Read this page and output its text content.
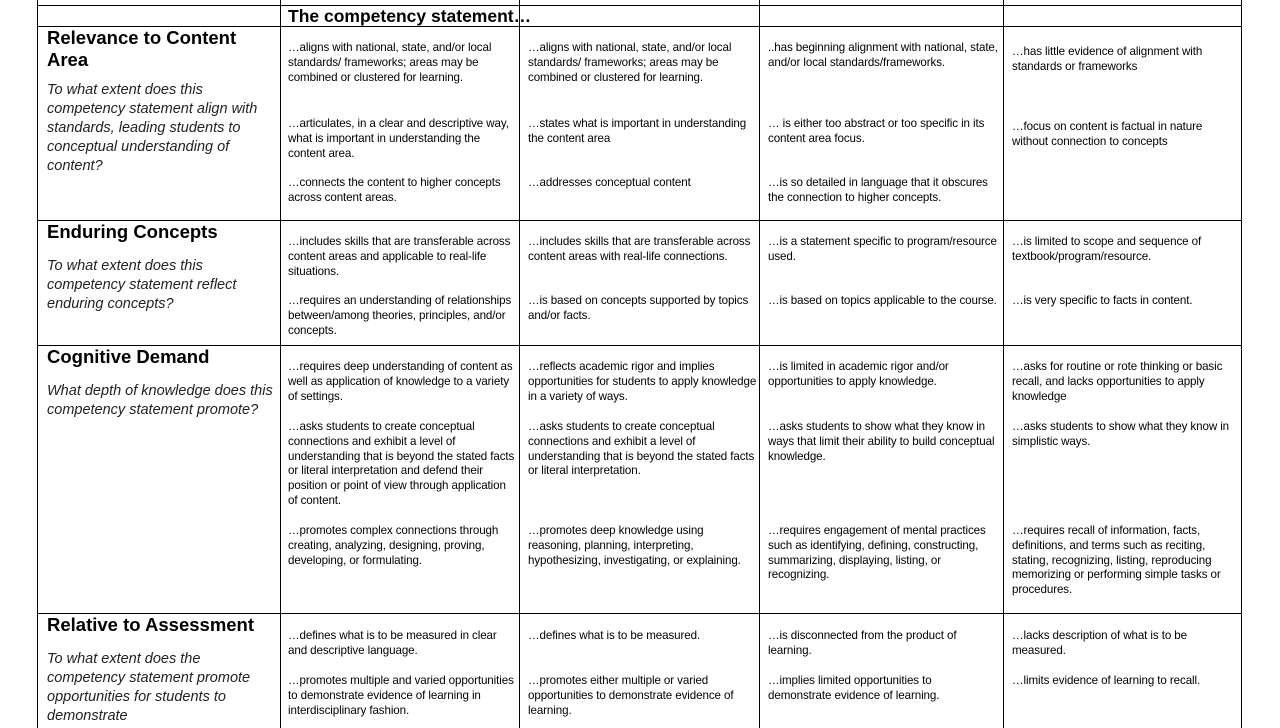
The competency statement…
Relevance to Content Area
To what extent does this competency statement align with standards, leading students to conceptual understanding of content?
…aligns with national, state, and/or local standards/ frameworks; areas may be combined or clustered for learning.
…aligns with national, state, and/or local standards/ frameworks; areas may be combined or clustered for learning.
..has beginning alignment with national, state, and/or local standards/frameworks.
…has little evidence of alignment with standards or frameworks
…articulates, in a clear and descriptive way, what is important in understanding the content area.
…states what is important in understanding the content area
… is either too abstract or too specific in its content area focus.
…focus on content is factual in nature without connection to concepts
…connects the content to higher concepts across content areas.
…addresses conceptual content	…is so detailed in language that it obscures the connection to higher concepts.
Enduring Concepts
To what extent does this competency statement reflect enduring concepts?
…includes skills that are transferable across content areas and applicable to real-life situations.
…includes skills that are transferable across content areas with real-life connections.
…is a statement specific to program/resource used.
…is limited to scope and sequence of textbook/program/resource.
…requires an understanding of relationships between/among theories, principles, and/or concepts.
…is based on concepts supported by topics and/or facts.
…is based on topics applicable to the course. …is very specific to facts in content.
Cognitive Demand
What depth of knowledge does this competency statement promote?
…requires deep understanding of content as well as application of knowledge to a variety of settings.
…reflects academic rigor and implies opportunities for students to apply knowledge in a variety of ways.
…is limited in academic rigor and/or opportunities to apply knowledge.
…asks for routine or rote thinking or basic recall, and lacks opportunities to apply knowledge
…asks students to create conceptual connections and exhibit a level of understanding that is beyond the stated facts or literal interpretation and defend their position or point of view through application of content.
…asks students to create conceptual connections and exhibit a level of understanding that is beyond the stated facts or literal interpretation.
…asks students to show what they know in ways that limit their ability to build conceptual knowledge.
…asks students to show what they know in simplistic ways.
…promotes complex connections through creating, analyzing, designing, proving, developing, or formulating.
…promotes deep knowledge using reasoning, planning, interpreting, hypothesizing, investigating, or explaining.
…requires engagement of mental practices such as identifying, defining, constructing, summarizing, displaying, listing, or recognizing.
…requires recall of information, facts, definitions, and terms such as reciting, stating, recognizing, listing, reproducing memorizing or performing simple tasks or procedures.
Relative to Assessment
To what extent does the competency statement promote opportunities for students to demonstrate
…defines what is to be measured in clear and descriptive language.
…defines what is to be measured.	…is disconnected from the product of learning.
…lacks description of what is to be measured.
…promotes multiple and varied opportunities to demonstrate evidence of learning in interdisciplinary fashion.
…promotes either multiple or varied opportunities to demonstrate evidence of learning.
…implies limited opportunities to demonstrate evidence of learning.
…limits evidence of learning to recall.
